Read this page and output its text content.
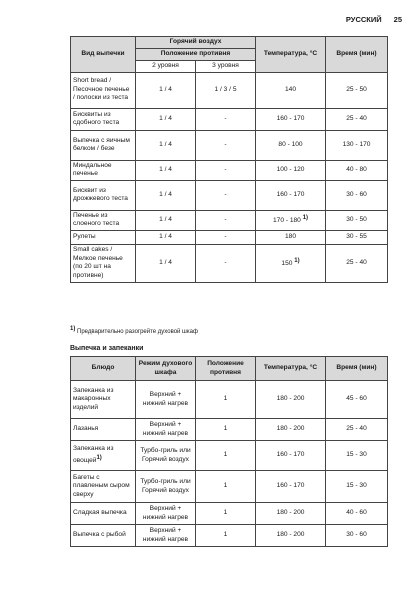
РУССКИЙ 25
Вид выпечки	Горячий воздух		Температура, °C	Время (мин)
	Положение противня			
	2 уровня	3 уровня		
Short bread / Песочное печенье / полоски из теста	1 / 4	1 / 3 / 5	140	25 - 50
Бисквиты из сдобного теста	1 / 4	-	160 - 170	25 - 40
Выпечка с яичным белком / безе	1 / 4	-	80 - 100	130 - 170
Миндальное печенье	1 / 4	-	100 - 120	40 - 80
Бисквит из дрожжевого теста	1 / 4	-	160 - 170	30 - 60
Печенье из слоеного теста	1 / 4	-	170 - 180 1)	30 - 50
Рулеты	1 / 4	-	180	30 - 55
Small cakes / Мелкое печенье (по 20 шт на противне)	1 / 4	-	150 1)	25 - 40
$^{1)}$ Предварительно разогрейте духовой шкаф
Выпечка и запеканки
Блюдо	Режим духового шкафа	Положение противня	Температура, °C	Время (мин)
Запеканка из макаронных изделий	Верхний + нижний нагрев	1	180 - 200	45 - 60
Лазанья	Верхний + нижний нагрев	1	180 - 200	25 - 40
Запеканка из овощей1)	Турбо-гриль или Горячий воздух	1	160 - 170	15 - 30
Багеты с плавленым сыром сверху	Турбо-гриль или Горячий воздух	1	160 - 170	15 - 30
Сладкая выпечка	Верхний + нижний нагрев	1	180 - 200	40 - 60
Выпечка с рыбой	Верхний + нижний нагрев	1	180 - 200	30 - 60
